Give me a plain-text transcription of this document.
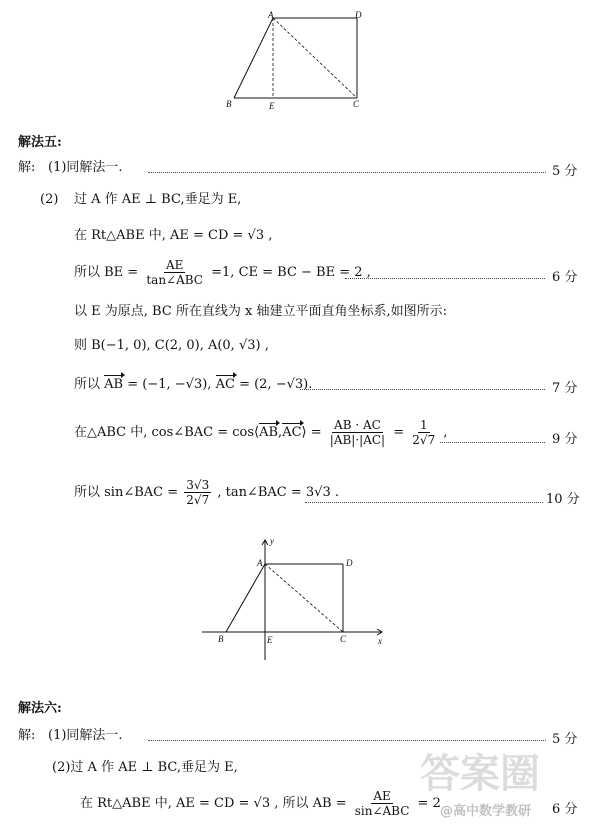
A	D
B	E	C
解法五:
解: (1)同解法一.	5 分
(2) 过 A 作 AE ⊥ BC,垂足为 E,
在 Rt△ABE 中, AE = CD = √3 ,
所以 BE = $\frac{AE}{\text{tan∠ABC}} =1$, CE = BC − BE = 2 ,	6 分
以 E 为原点, BC 所在直线为 x 轴建立平面直角坐标系,如图所示:
则 B(−1, 0), C(2, 0), A(0, √3) ,
所以 AB = (−1, −√3), AC = (2, −√3).	7 分
在△ABC 中, cos∠BAC = cos⟨AB,AC⟩ = $\frac{AB \cdot AC}{|AB|\cdot|AC|} = \frac{1}{2√7}$ ,	9 分
所以 sin∠BAC = $\frac{3√3}{2√7}$ , tan∠BAC = 3√3 .	10 分
y
A	D
B	E	C	x
解法六:
解: (1)同解法一.	5 分
(2)过 A 作 AE ⊥ BC,垂足为 E,
在 Rt△ABE 中, AE = CD = √3 , 所以 AB = $\frac{AE}{\text{sin∠ABC}} = 2$	6 分
答案圈
@高中数学教研
